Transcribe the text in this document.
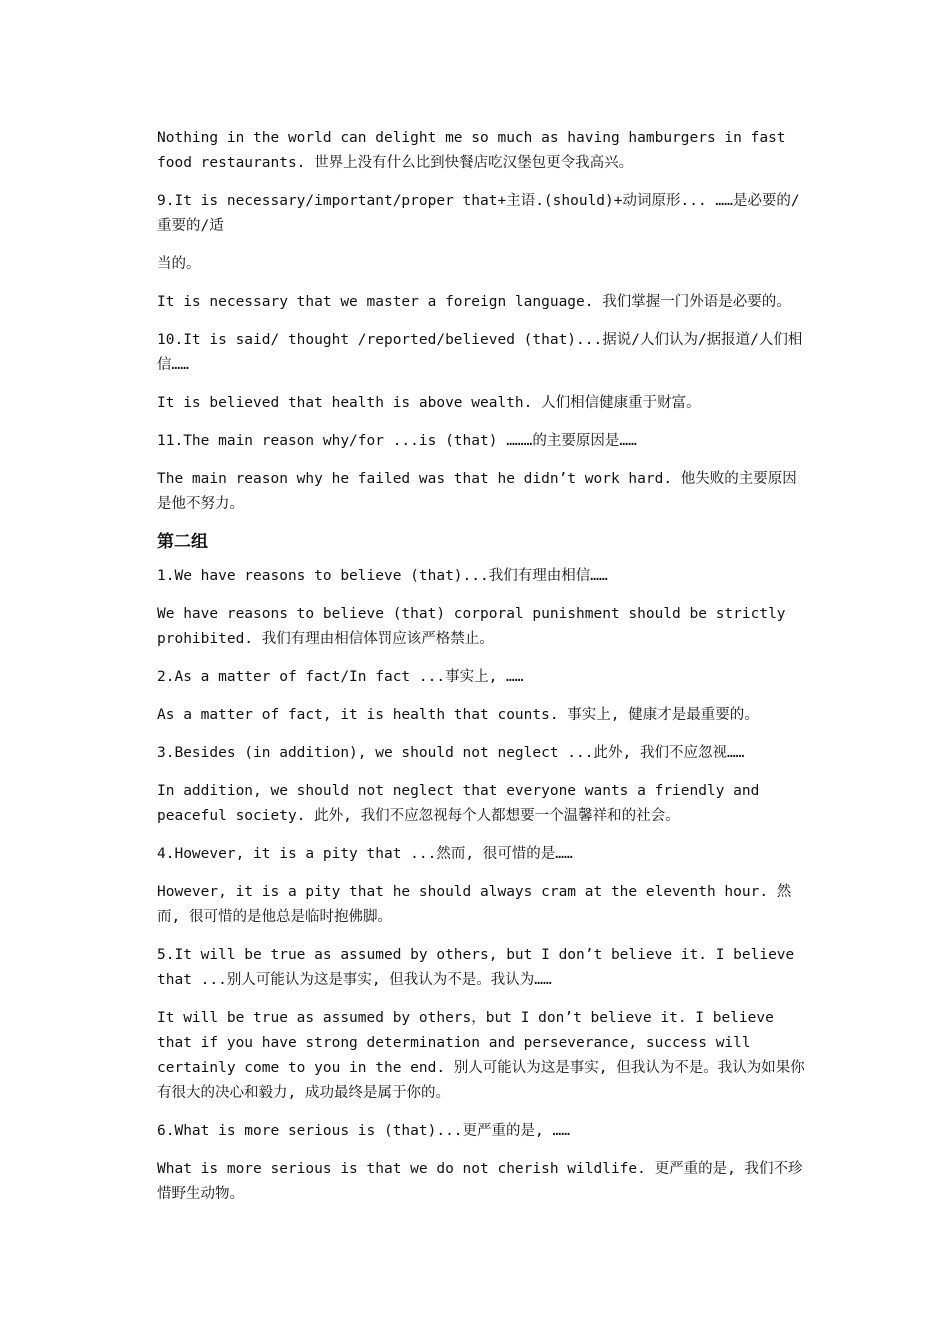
Nothing in the world can delight me so much as having hamburgers in fast food restaurants. 世界上没有什么比到快餐店吃汉堡包更令我高兴。

9.It is necessary/important/proper that+主语.(should)+动词原形... ……是必要的/重要的/适

当的。

It is necessary that we master a foreign language. 我们掌握一门外语是必要的。

10.It is said/ thought /reported/believed (that)...据说/人们认为/据报道/人们相信……

It is believed that health is above wealth. 人们相信健康重于财富。

11.The main reason why/for ...is (that) ………的主要原因是……

The main reason why he failed was that he didn’t work hard. 他失败的主要原因是他不努力。

第二组

1.We have reasons to believe (that)...我们有理由相信……

We have reasons to believe (that) corporal punishment should be strictly prohibited. 我们有理由相信体罚应该严格禁止。

2.As a matter of fact/In fact ...事实上, ……

As a matter of fact, it is health that counts. 事实上, 健康才是最重要的。

3.Besides (in addition), we should not neglect ...此外, 我们不应忽视……

In addition, we should not neglect that everyone wants a friendly and peaceful society. 此外, 我们不应忽视每个人都想要一个温馨祥和的社会。

4.However, it is a pity that ...然而, 很可惜的是……

However, it is a pity that he should always cram at the eleventh hour. 然而, 很可惜的是他总是临时抱佛脚。

5.It will be true as assumed by others, but I don’t believe it. I believe that ...别人可能认为这是事实, 但我认为不是。我认为……

It will be true as assumed by others，but I don’t believe it. I believe that if you have strong determination and perseverance, success will certainly come to you in the end. 别人可能认为这是事实, 但我认为不是。我认为如果你有很大的决心和毅力, 成功最终是属于你的。

6.What is more serious is (that)...更严重的是, ……

What is more serious is that we do not cherish wildlife. 更严重的是, 我们不珍惜野生动物。
